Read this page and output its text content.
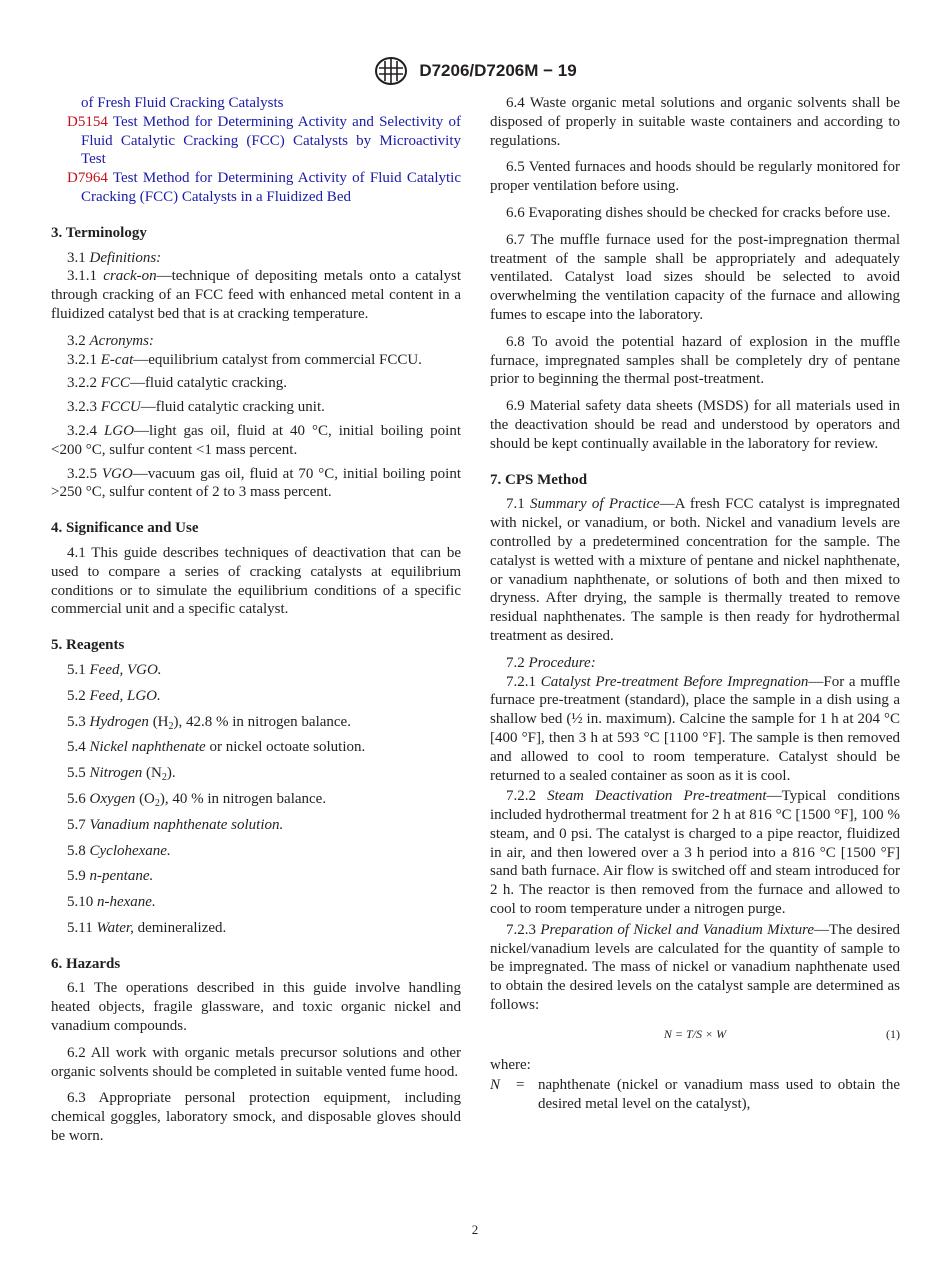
D7206/D7206M − 19

of Fresh Fluid Cracking Catalysts

D5154 Test Method for Determining Activity and Selectivity of Fluid Catalytic Cracking (FCC) Catalysts by Microactivity Test

D7964 Test Method for Determining Activity of Fluid Catalytic Cracking (FCC) Catalysts in a Fluidized Bed

3. Terminology

3.1 Definitions:

3.1.1 crack-on—technique of depositing metals onto a catalyst through cracking of an FCC feed with enhanced metal content in a fluidized catalyst bed that is at cracking temperature.

3.2 Acronyms:

3.2.1 E-cat—equilibrium catalyst from commercial FCCU.

3.2.2 FCC—fluid catalytic cracking.

3.2.3 FCCU—fluid catalytic cracking unit.

3.2.4 LGO—light gas oil, fluid at 40 °C, initial boiling point <200 °C, sulfur content <1 mass percent.

3.2.5 VGO—vacuum gas oil, fluid at 70 °C, initial boiling point >250 °C, sulfur content of 2 to 3 mass percent.

4. Significance and Use

4.1 This guide describes techniques of deactivation that can be used to compare a series of cracking catalysts at equilibrium conditions or to simulate the equilibrium conditions of a specific commercial unit and a specific catalyst.

5. Reagents

5.1 Feed, VGO.

5.2 Feed, LGO.

5.3 Hydrogen $(H_2)$, 42.8 % in nitrogen balance.

5.4 Nickel naphthenate or nickel octoate solution.

5.5 Nitrogen $(N_2)$.

5.6 Oxygen $(O_2)$, 40 % in nitrogen balance.

5.7 Vanadium naphthenate solution.

5.8 Cyclohexane.

5.9 n-pentane.

5.10 n-hexane.

5.11 Water, demineralized.

6. Hazards

6.1 The operations described in this guide involve handling heated objects, fragile glassware, and toxic organic nickel and vanadium compounds.

6.2 All work with organic metals precursor solutions and other organic solvents should be completed in suitable vented fume hood.

6.3 Appropriate personal protection equipment, including chemical goggles, laboratory smock, and disposable gloves should be worn.

6.4 Waste organic metal solutions and organic solvents shall be disposed of properly in suitable waste containers and according to regulations.

6.5 Vented furnaces and hoods should be regularly monitored for proper ventilation before using.

6.6 Evaporating dishes should be checked for cracks before use.

6.7 The muffle furnace used for the post-impregnation thermal treatment of the sample shall be appropriately and adequately ventilated. Catalyst load sizes should be selected to avoid overwhelming the ventilation capacity of the furnace and allowing fumes to escape into the laboratory.

6.8 To avoid the potential hazard of explosion in the muffle furnace, impregnated samples shall be completely dry of pentane prior to beginning the thermal post-treatment.

6.9 Material safety data sheets (MSDS) for all materials used in the deactivation should be read and understood by operators and should be kept continually available in the laboratory for review.

7. CPS Method

7.1 Summary of Practice—A fresh FCC catalyst is impregnated with nickel, or vanadium, or both. Nickel and vanadium levels are controlled by a predetermined concentration for the sample. The catalyst is wetted with a mixture of pentane and nickel naphthenate, or vanadium naphthenate, or solutions of both and then mixed to dryness. After drying, the sample is thermally treated to remove residual naphthenates. The sample is then ready for hydrothermal treatment as desired.

7.2 Procedure:

7.2.1 Catalyst Pre-treatment Before Impregnation—For a muffle furnace pre-treatment (standard), place the sample in a dish using a shallow bed (½ in. maximum). Calcine the sample for 1 h at 204 °C [400 °F], then 3 h at 593 °C [1100 °F]. The sample is then removed and allowed to cool to room temperature. Catalyst should be returned to a sealed container as soon as it is cool.

7.2.2 Steam Deactivation Pre-treatment—Typical conditions included hydrothermal treatment for 2 h at 816 °C [1500 °F], 100 % steam, and 0 psi. The catalyst is charged to a pipe reactor, fluidized in air, and then lowered over a 3 h period into a 816 °C [1500 °F] sand bath furnace. Air flow is switched off and steam introduced for 2 h. The reactor is then removed from the furnace and allowed to cool to room temperature under a nitrogen purge.

7.2.3 Preparation of Nickel and Vanadium Mixture—The desired nickel/vanadium levels are calculated for the quantity of sample to be impregnated. The mass of nickel or vanadium naphthenate used to obtain the desired levels on the catalyst sample are determined as follows:

N = T/S × W	(1)

where:

N	= naphthenate (nickel or vanadium mass used to obtain the desired metal level on the catalyst),
2
